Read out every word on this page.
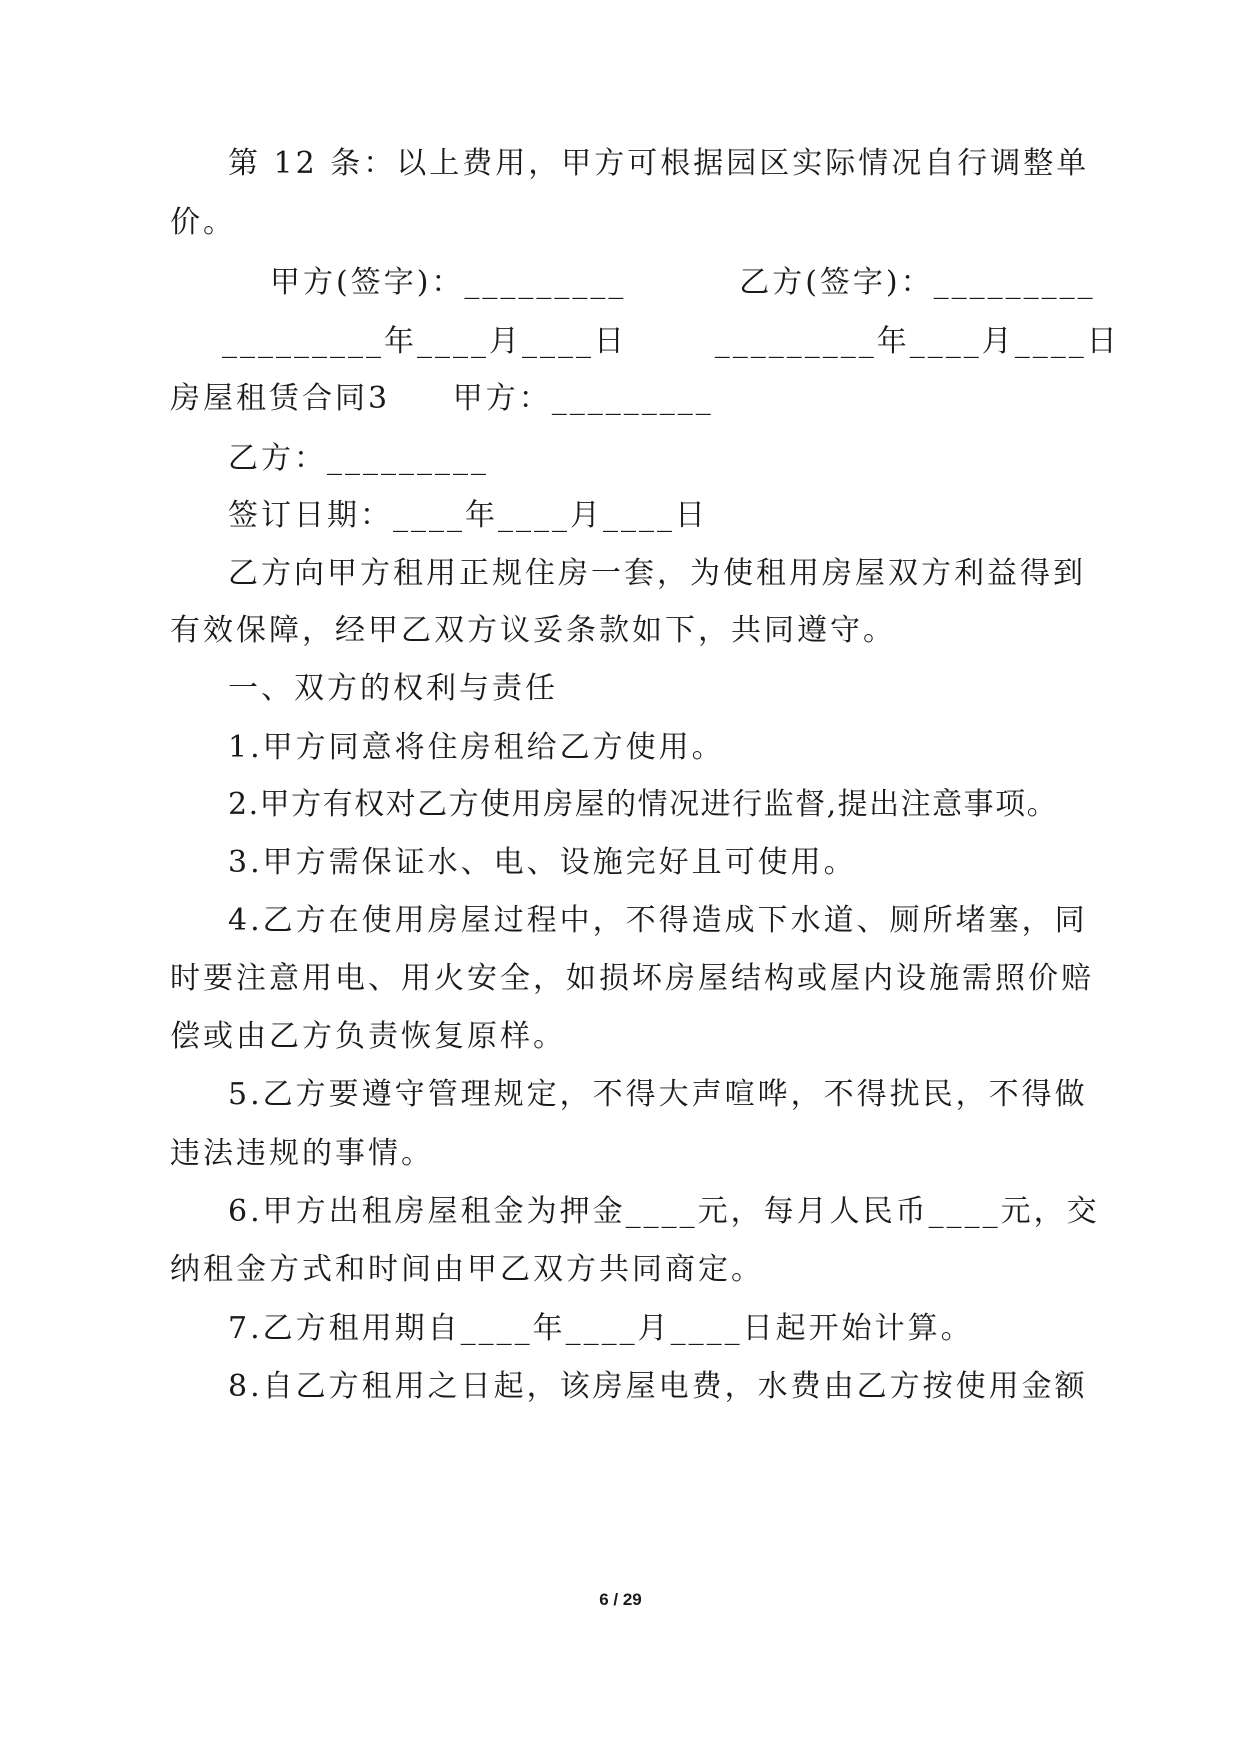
第 12 条：以上费用，甲方可根据园区实际情况自行调整单
价。
甲方(签字)：_________         乙方(签字)：_________
_________年____月____日       _________年____月____日
房屋租赁合同3     甲方：_________
乙方：_________
签订日期：____年____月____日
乙方向甲方租用正规住房一套，为使租用房屋双方利益得到
有效保障，经甲乙双方议妥条款如下，共同遵守。
一、双方的权利与责任
1.甲方同意将住房租给乙方使用。
2.甲方有权对乙方使用房屋的情况进行监督,提出注意事项。
3.甲方需保证水、电、设施完好且可使用。
4.乙方在使用房屋过程中，不得造成下水道、厕所堵塞，同
时要注意用电、用火安全，如损坏房屋结构或屋内设施需照价赔
偿或由乙方负责恢复原样。
5.乙方要遵守管理规定，不得大声喧哗，不得扰民，不得做
违法违规的事情。
6.甲方出租房屋租金为押金____元，每月人民币____元，交
纳租金方式和时间由甲乙双方共同商定。
7.乙方租用期自____年____月____日起开始计算。
8.自乙方租用之日起，该房屋电费，水费由乙方按使用金额
6 / 29
